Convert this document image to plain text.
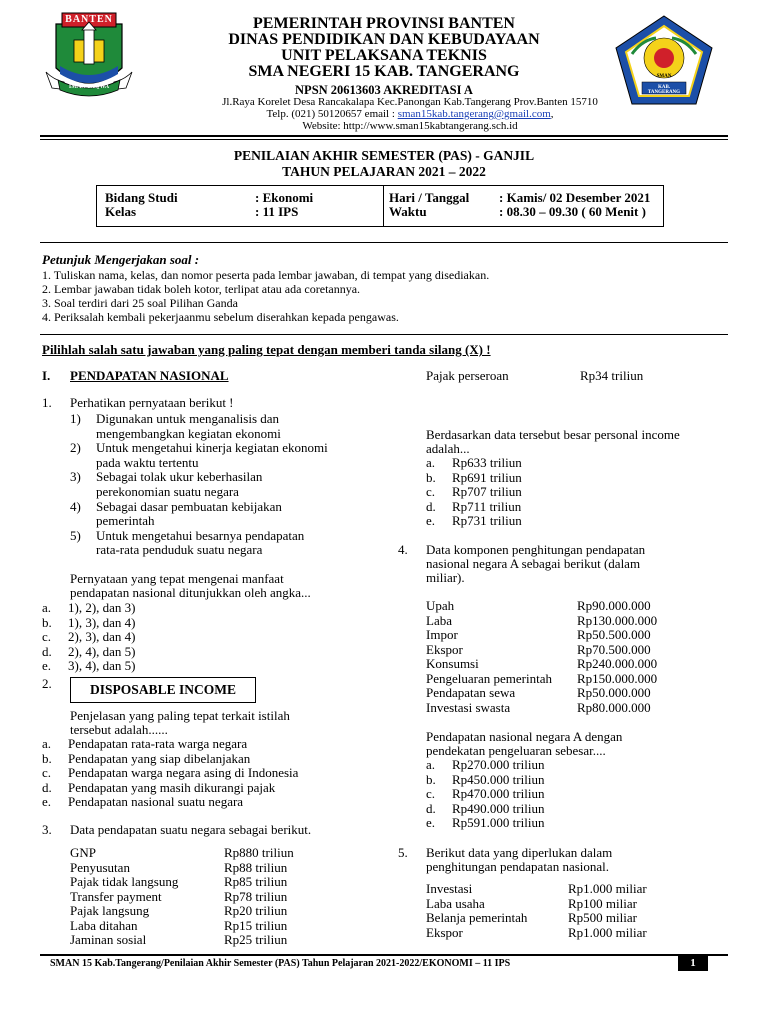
BANTEN
IMAN TAQWA
SMAN
KAB. TANGERANG
PEMERINTAH PROVINSI BANTEN
DINAS PENDIDIKAN DAN KEBUDAYAAN
UNIT PELAKSANA TEKNIS
SMA NEGERI 15 KAB. TANGERANG
NPSN 20613603 AKREDITASI A
Jl.Raya Korelet Desa Rancakalapa Kec.Panongan Kab.Tangerang Prov.Banten 15710
Telp. (021) 50120657 email : sman15kab.tangerang@gmail.com,
Website: http://www.sman15kabtangerang.sch.id
PENILAIAN AKHIR SEMESTER (PAS) - GANJIL
TAHUN PELAJARAN 2021 – 2022
Bidang Studi	: Ekonomi
Kelas	: 11 IPS
Hari / Tanggal : Kamis/ 02 Desember 2021
Waktu	: 08.30 – 09.30 ( 60 Menit )
Petunjuk Mengerjakan soal :
1. Tuliskan nama, kelas, dan nomor peserta pada lembar jawaban, di tempat yang disediakan.
2. Lembar jawaban tidak boleh kotor, terlipat atau ada coretannya.
3. Soal terdiri dari 25 soal Pilihan Ganda
4. Periksalah kembali pekerjaanmu sebelum diserahkan kepada pengawas.
Pilihlah salah satu jawaban yang paling tepat dengan memberi tanda silang (X) !
I. PENDAPATAN NASIONAL
1. Perhatikan pernyataan berikut !
1) Digunakan untuk menganalisis dan
mengembangkan kegiatan ekonomi
2) Untuk mengetahui kinerja kegiatan ekonomi
pada waktu tertentu
3) Sebagai tolak ukur keberhasilan
perekonomian suatu negara
4) Sebagai dasar pembuatan kebijakan
pemerintah
5) Untuk mengetahui besarnya pendapatan
rata-rata penduduk suatu negara
Pernyataan yang tepat mengenai manfaat
pendapatan nasional ditunjukkan oleh angka...
a. 1), 2), dan 3)
b. 1), 3), dan 4)
c. 2), 3), dan 4)
d. 2), 4), dan 5)
e. 3), 4), dan 5)
2.	DISPOSABLE INCOME
Penjelasan yang paling tepat terkait istilah
tersebut adalah......
a. Pendapatan rata-rata warga negara
b. Pendapatan yang siap dibelanjakan
c. Pendapatan warga negara asing di Indonesia
d. Pendapatan yang masih dikurangi pajak
e. Pendapatan nasional suatu negara
3. Data pendapatan suatu negara sebagai berikut.
GNP	Rp880 triliun
Penyusutan	Rp88 triliun
Pajak tidak langsung	Rp85 triliun
Transfer payment	Rp78 triliun
Pajak langsung	Rp20 triliun
Laba ditahan	Rp15 triliun
Jaminan sosial	Rp25 triliun
Pajak perseroan	Rp34 triliun
Berdasarkan data tersebut besar personal income
adalah...
a. Rp633 triliun
b. Rp691 triliun
c. Rp707 triliun
d. Rp711 triliun
e. Rp731 triliun
4. Data komponen penghitungan pendapatan
nasional negara A sebagai berikut (dalam
miliar).
Upah	Rp90.000.000
Laba	Rp130.000.000
Impor	Rp50.500.000
Ekspor	Rp70.500.000
Konsumsi	Rp240.000.000
Pengeluaran pemerintah Rp150.000.000
Pendapatan sewa	Rp50.000.000
Investasi swasta	Rp80.000.000
Pendapatan nasional negara A dengan
pendekatan pengeluaran sebesar....
a. Rp270.000 triliun
b. Rp450.000 triliun
c. Rp470.000 triliun
d. Rp490.000 triliun
e. Rp591.000 triliun
5. Berikut data yang diperlukan dalam
penghitungan pendapatan nasional.
Investasi	Rp1.000 miliar
Laba usaha	Rp100 miliar
Belanja pemerintah	Rp500 miliar
Ekspor	Rp1.000 miliar
SMAN 15 Kab.Tangerang/Penilaian Akhir Semester (PAS) Tahun Pelajaran 2021-2022/EKONOMI – 11 IPS	1
